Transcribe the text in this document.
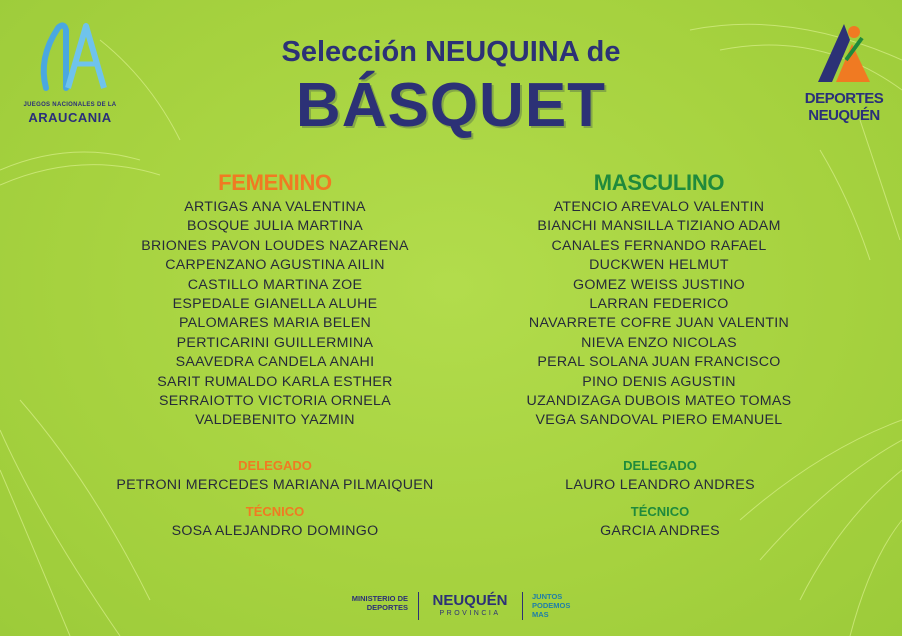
JUEGOS NACIONALES DE LA
ARAUCANIA
DEPORTES
NEUQUÉN
Selección NEUQUINA de
BÁSQUET
FEMENINO
ARTIGAS ANA VALENTINA
BOSQUE JULIA MARTINA
BRIONES PAVON LOUDES NAZARENA
CARPENZANO AGUSTINA AILIN
CASTILLO MARTINA ZOE
ESPEDALE GIANELLA ALUHE
PALOMARES MARIA BELEN
PERTICARINI GUILLERMINA
SAAVEDRA CANDELA ANAHI
SARIT RUMALDO KARLA ESTHER
SERRAIOTTO VICTORIA ORNELA
VALDEBENITO YAZMIN
MASCULINO
ATENCIO AREVALO VALENTIN
BIANCHI MANSILLA TIZIANO ADAM
CANALES FERNANDO RAFAEL
DUCKWEN HELMUT
GOMEZ WEISS JUSTINO
LARRAN FEDERICO
NAVARRETE COFRE JUAN VALENTIN
NIEVA ENZO NICOLAS
PERAL SOLANA JUAN FRANCISCO
PINO DENIS AGUSTIN
UZANDIZAGA DUBOIS MATEO TOMAS
VEGA SANDOVAL PIERO EMANUEL
DELEGADO
PETRONI MERCEDES MARIANA PILMAIQUEN
TÉCNICO
SOSA ALEJANDRO DOMINGO
DELEGADO
LAURO LEANDRO ANDRES
TÉCNICO
GARCIA ANDRES
MINISTERIO DE
DEPORTES NEUQUÉN
PROVINCIA
JUNTOS
PODEMOS
MAS
